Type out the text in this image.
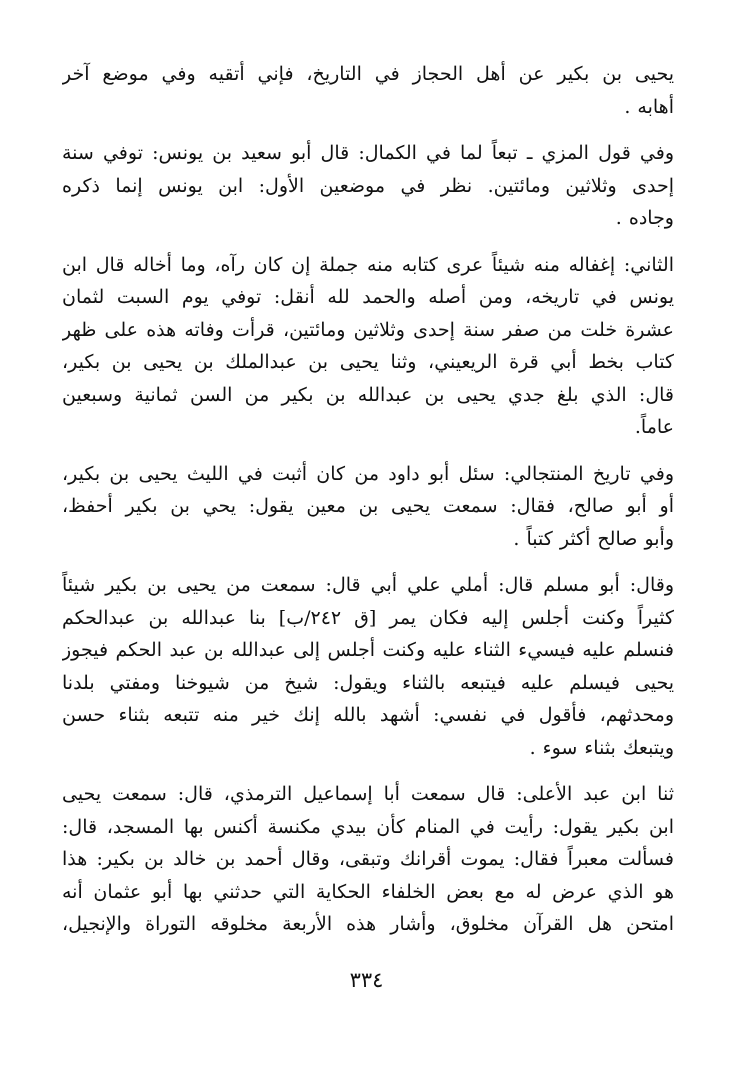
يحيى بن بكير عن أهل الحجاز في التاريخ، فإني أتقيه وفي موضع آخر
أهابه .

وفي قول المزي ـ تبعاً لما في الكمال: قال أبو سعيد بن يونس: توفي سنة
إحدى وثلاثين ومائتين. نظر في موضعين الأول: ابن يونس إنما ذكره
وجاده .

الثاني: إغفاله منه شيئاً عرى كتابه منه جملة إن كان رآه، وما أخاله قال ابن
يونس في تاريخه، ومن أصله والحمد لله أنقل: توفي يوم السبت لثمان
عشرة خلت من صفر سنة إحدى وثلاثين ومائتين، قرأت وفاته هذه على ظهر
كتاب بخط أبي قرة الريعيني، وثنا يحيى بن عبدالملك بن يحيى بن بكير،
قال: الذي بلغ جدي يحيى بن عبدالله بن بكير من السن ثمانية وسبعين
عاماً.

وفي تاريخ المنتجالي: سئل أبو داود من كان أثبت في الليث يحيى بن بكير،
أو أبو صالح، فقال: سمعت يحيى بن معين يقول: يحي بن بكير أحفظ،
وأبو صالح أكثر كتباً .

وقال: أبو مسلم قال: أملي علي أبي قال: سمعت من يحيى بن بكير شيئاً
كثيراً وكنت أجلس إليه فكان يمر [ق ٢٤٢/ب] بنا عبدالله بن عبدالحكم
فنسلم عليه فيسيء الثناء عليه وكنت أجلس إلى عبدالله بن عبد الحكم فيجوز
يحيى فيسلم عليه فيتبعه بالثناء ويقول: شيخ من شيوخنا ومفتي بلدنا
ومحدثهم، فأقول في نفسي: أشهد بالله إنك خير منه تتبعه بثناء حسن
ويتبعك بثناء سوء .

ثنا ابن عبد الأعلى: قال سمعت أبا إسماعيل الترمذي، قال: سمعت يحيى
ابن بكير يقول: رأيت في المنام كأن بيدي مكنسة أكنس بها المسجد، قال:
فسألت معبراً فقال: يموت أقرانك وتبقى، وقال أحمد بن خالد بن بكير: هذا
هو الذي عرض له مع بعض الخلفاء الحكاية التي حدثني بها أبو عثمان أنه
امتحن هل القرآن مخلوق، وأشار هذه الأربعة مخلوقه التوراة والإنجيل،

٣٣٤
